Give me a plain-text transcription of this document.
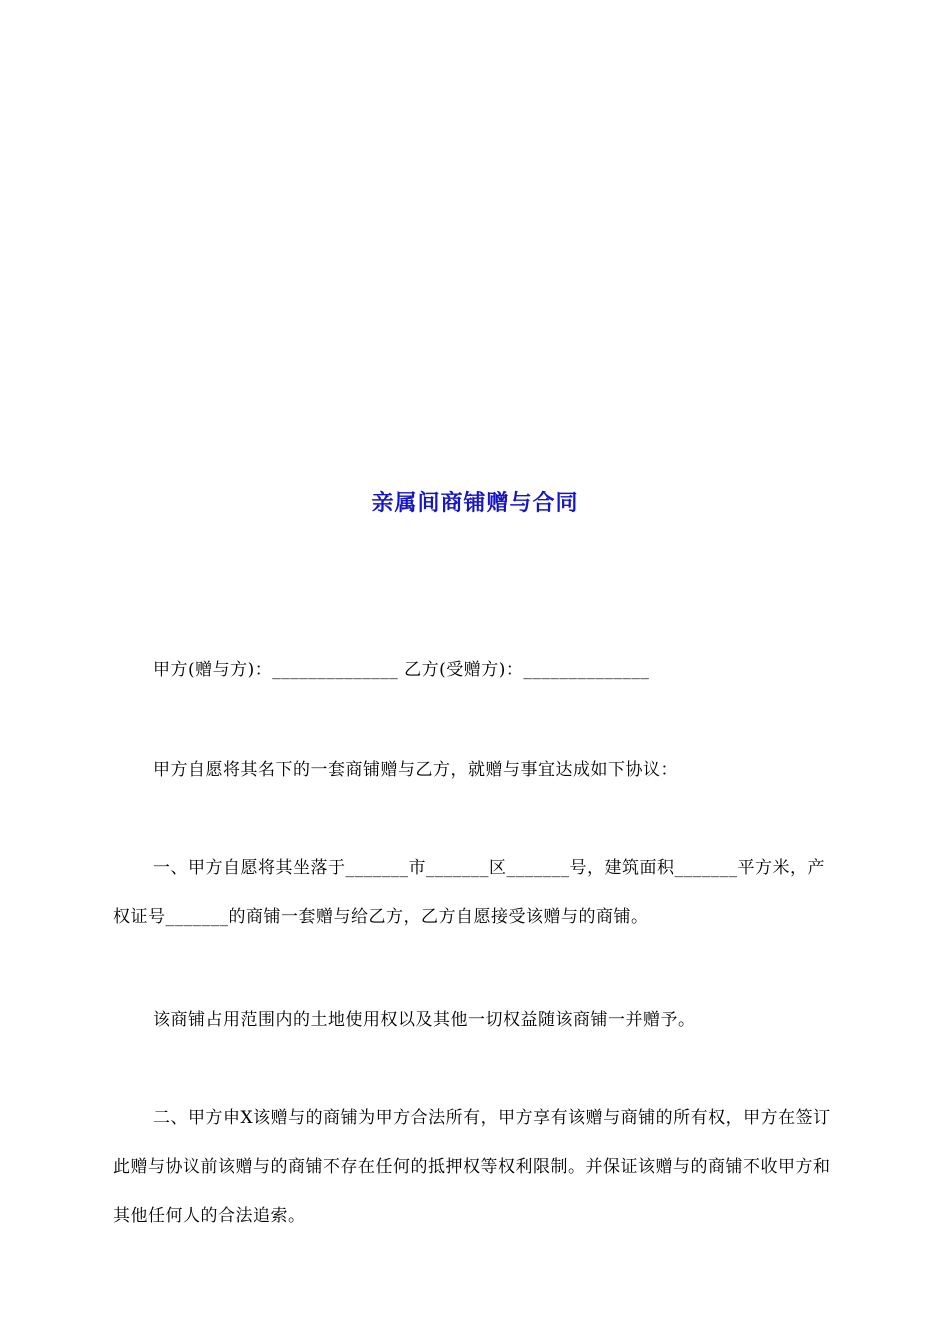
亲属间商铺赠与合同
甲方(赠与方)：______________ 乙方(受赠方)：______________
甲方自愿将其名下的一套商铺赠与乙方，就赠与事宜达成如下协议：
一、甲方自愿将其坐落于_______市_______区_______号，建筑面积_______平方米，产权证号_______的商铺一套赠与给乙方，乙方自愿接受该赠与的商铺。
该商铺占用范围内的土地使用权以及其他一切权益随该商铺一并赠予。
二、甲方申X该赠与的商铺为甲方合法所有，甲方享有该赠与商铺的所有权，甲方在签订此赠与协议前该赠与的商铺不存在任何的抵押权等权利限制。并保证该赠与的商铺不收甲方和其他任何人的合法追索。
